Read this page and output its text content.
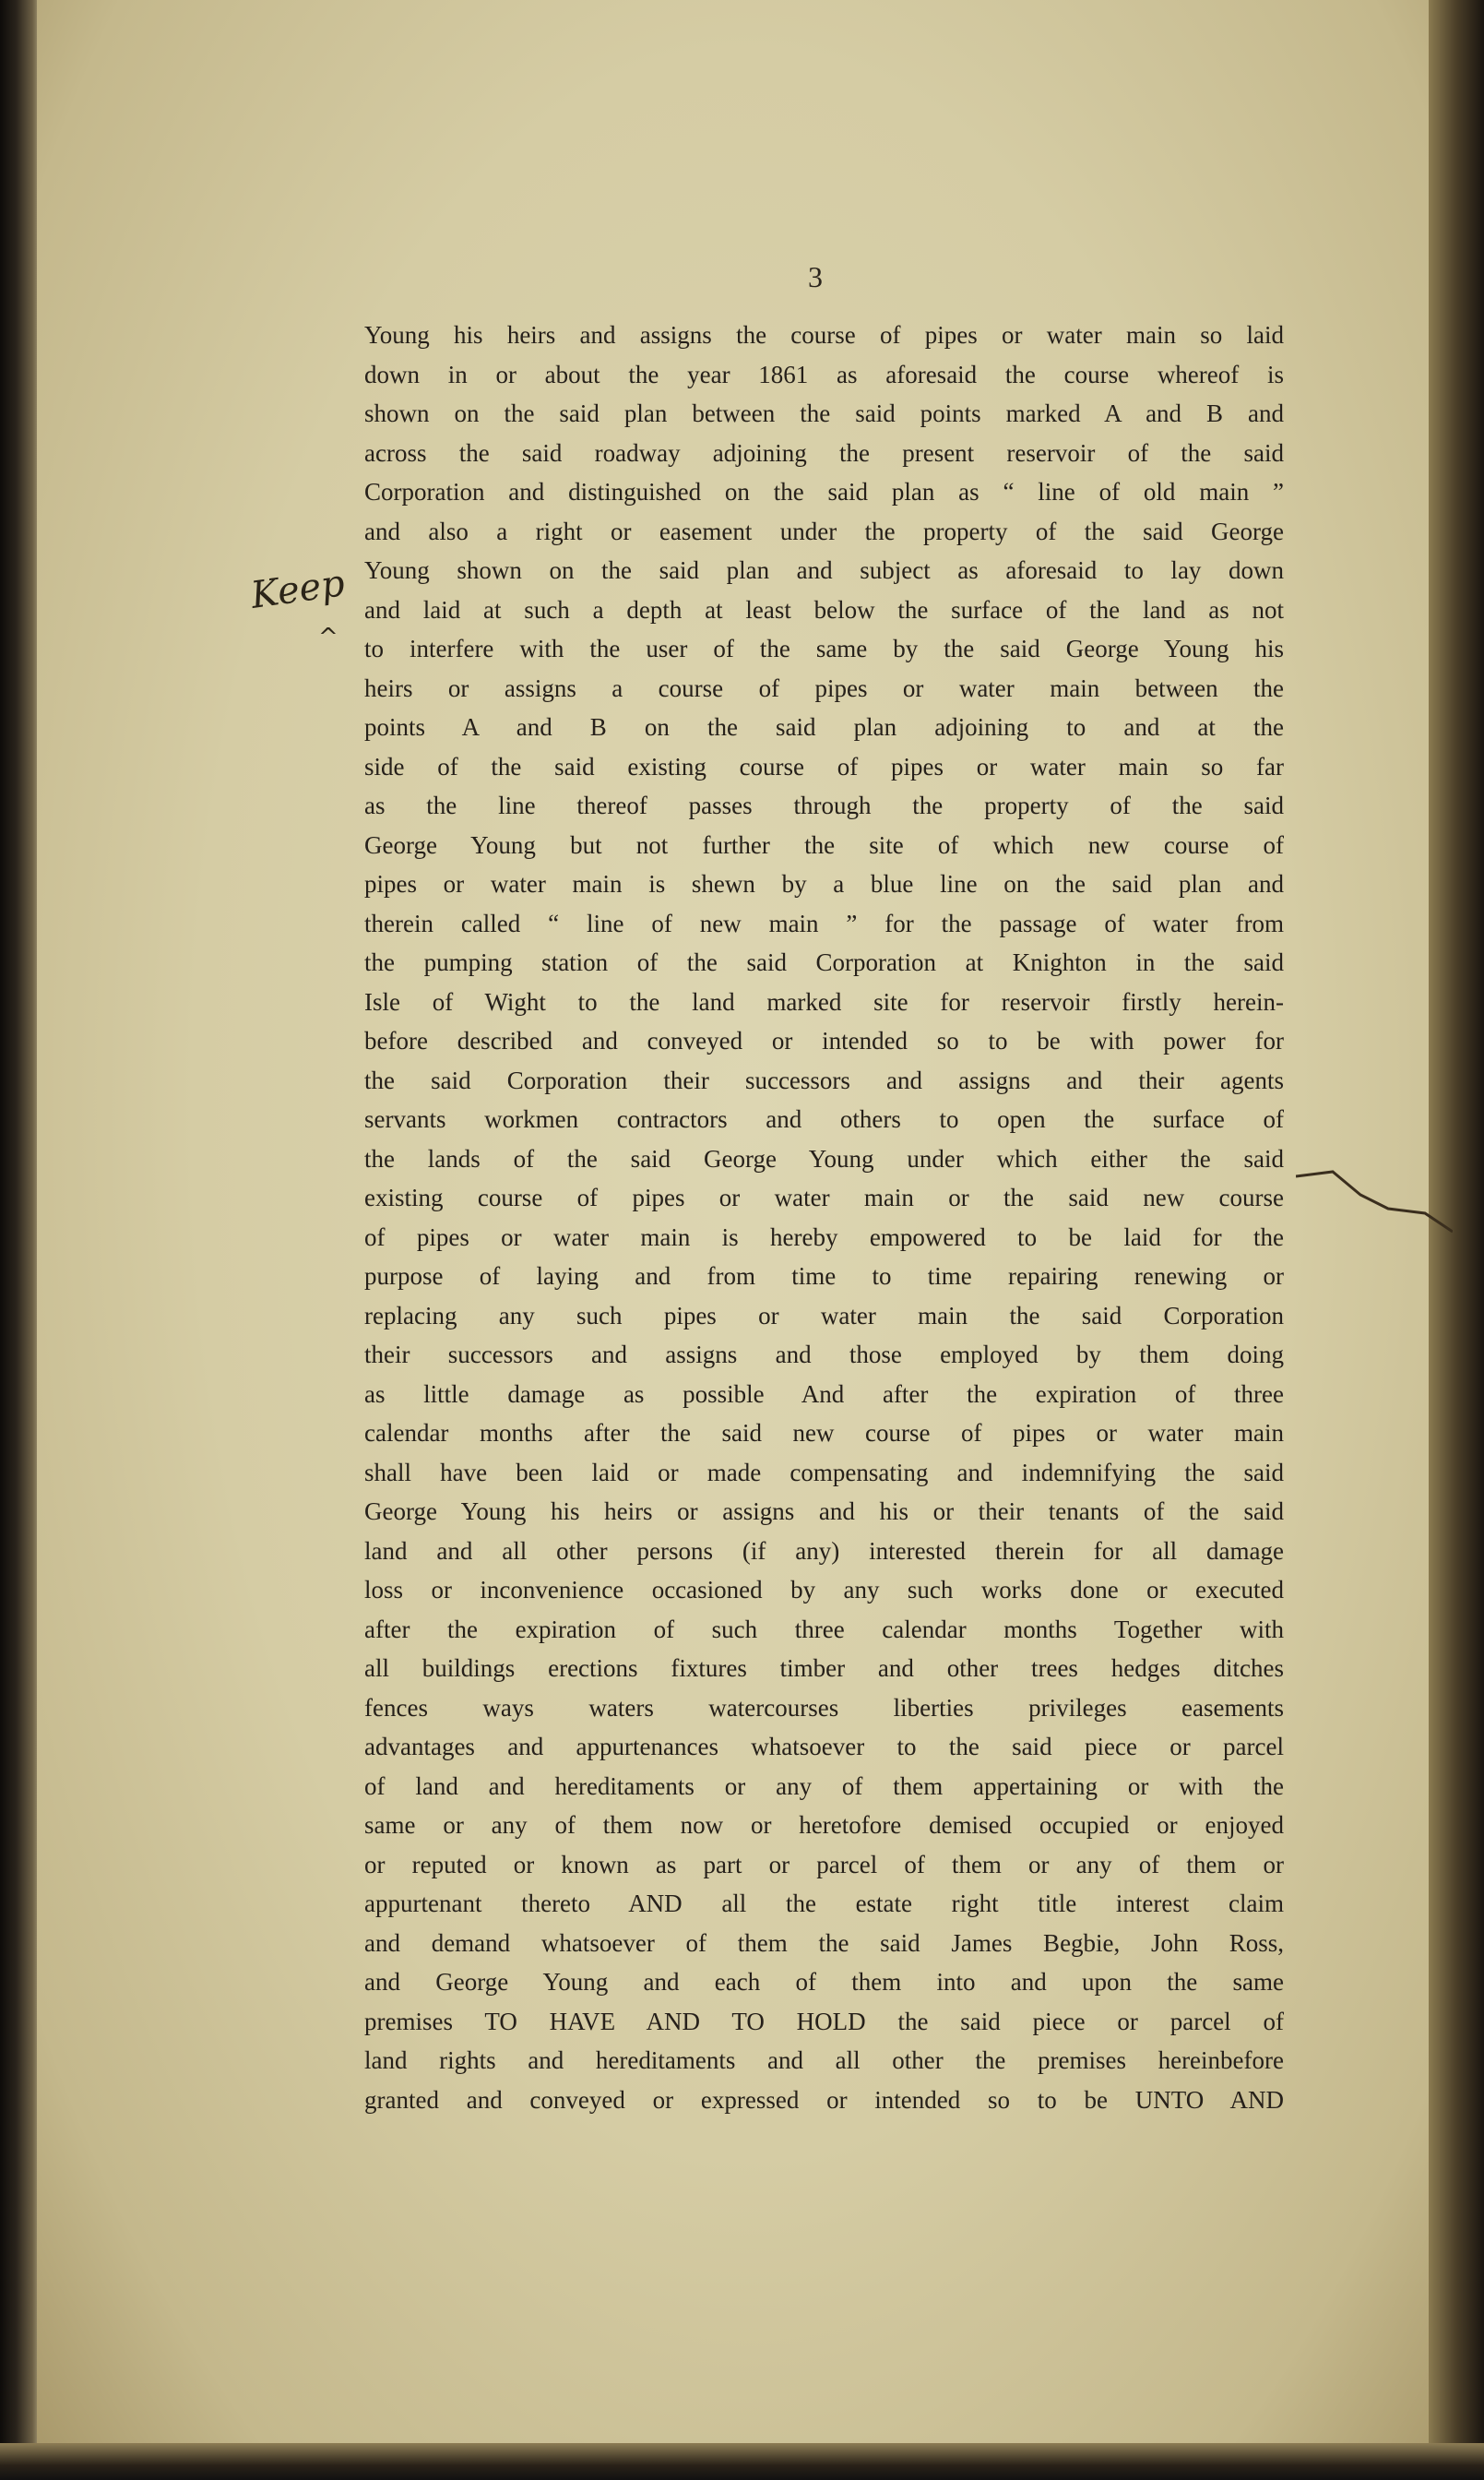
3
Keep
^
Young his heirs and assigns the course of pipes or water main so laid
down in or about the year 1861 as aforesaid the course whereof is
shown on the said plan between the said points marked A and B and
across the said roadway adjoining the present reservoir of the said
Corporation and distinguished on the said plan as “ line of old main ”
and also a right or easement under the property of the said George
Young shown on the said plan and subject as aforesaid to lay down
and laid at such a depth at least below the surface of the land as not
to interfere with the user of the same by the said George Young his
heirs or assigns a course of pipes or water main between the
points A and B on the said plan adjoining to and at the
side of the said existing course of pipes or water main so far
as the line thereof passes through the property of the said
George Young but not further the site of which new course of
pipes or water main is shewn by a blue line on the said plan and
therein called “ line of new main ” for the passage of water from
the pumping station of the said Corporation at Knighton in the said
Isle of Wight to the land marked site for reservoir firstly herein-
before described and conveyed or intended so to be with power for
the said Corporation their successors and assigns and their agents
servants workmen contractors and others to open the surface of
the lands of the said George Young under which either the said
existing course of pipes or water main or the said new course
of pipes or water main is hereby empowered to be laid for the
purpose of laying and from time to time repairing renewing or
replacing any such pipes or water main the said Corporation
their successors and assigns and those employed by them doing
as little damage as possible And after the expiration of three
calendar months after the said new course of pipes or water main
shall have been laid or made compensating and indemnifying the said
George Young his heirs or assigns and his or their tenants of the said
land and all other persons (if any) interested therein for all damage
loss or inconvenience occasioned by any such works done or executed
after the expiration of such three calendar months Together with
all buildings erections fixtures timber and other trees hedges ditches
fences ways waters watercourses liberties privileges easements
advantages and appurtenances whatsoever to the said piece or parcel
of land and hereditaments or any of them appertaining or with the
same or any of them now or heretofore demised occupied or enjoyed
or reputed or known as part or parcel of them or any of them or
appurtenant thereto AND all the estate right title interest claim
and demand whatsoever of them the said James Begbie, John Ross,
and George Young and each of them into and upon the same
premises TO HAVE AND TO HOLD the said piece or parcel of
land rights and hereditaments and all other the premises hereinbefore
granted and conveyed or expressed or intended so to be UNTO AND
